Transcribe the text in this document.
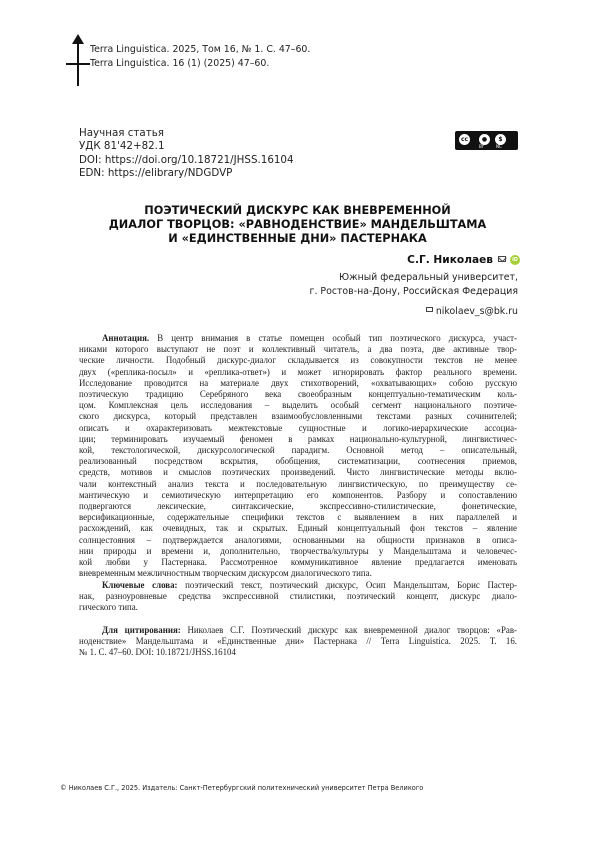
Terra Linguistica. 2025, Том 16, № 1. С. 47–60.
Terra Linguistica. 16 (1) (2025) 47–60.
Научная статья
УДК 81'42+82.1
DOI: https://doi.org/10.18721/JHSS.16104
EDN: https://elibrary/NDGDVP
cc	●	$
BY	NC
ПОЭТИЧЕСКИЙ ДИСКУРС КАК ВНЕВРЕМЕННОЙ
ДИАЛОГ ТВОРЦОВ: «РАВНОДЕНСТВИЕ» МАНДЕЛЬШТАМА
И «ЕДИНСТВЕННЫЕ ДНИ» ПАСТЕРНАКА
С.Г. Николаев	iD
Южный федеральный университет,
г. Ростов-на-Дону, Российская Федерация
nikolaev_s@bk.ru
Аннотация. В центр внимания в статье помещен особый тип поэтического дискурса, участ-
никами которого выступают не поэт и коллективный читатель, а два поэта, две активные твор-
ческие личности. Подобный дискурс-диалог складывается из совокупности текстов не менее
двух («реплика-посыл» и «реплика-ответ») и может игнорировать фактор реального времени.
Исследование проводится на материале двух стихотворений, «охватывающих» собою русскую
поэтическую традицию Серебряного века своеобразным концептуально-тематическим коль-
цом. Комплексная цель исследования – выделить особый сегмент национального поэтиче-
ского дискурса, который представлен взаимообусловленными текстами разных сочинителей;
описать и охарактеризовать межтекстовые сущностные и логико-иерархические ассоциа-
ции; терминировать изучаемый феномен в рамках национально-культурной, лингвистичес-
кой, текстологической, дискурсологической парадигм. Основной метод – описательный,
реализованный посредством вскрытия, обобщения, систематизации, соотнесения приемов,
средств, мотивов и смыслов поэтических произведений. Чисто лингвистические методы вклю-
чали контекстный анализ текста и последовательную лингвистическую, по преимуществу се-
мантическую и семиотическую интерпретацию его компонентов. Разбору и сопоставлению
подвергаются лексические, синтаксические, экспрессивно-стилистические, фонетические,
версификационные, содержательные специфики текстов с выявлением в них параллелей и
расхождений, как очевидных, так и скрытых. Единый концептуальный фон текстов – явление
солнцестояния – подтверждается аналогиями, основанными на общности признаков в описа-
нии природы и времени и, дополнительно, творчества/культуры у Мандельштама и человечес-
кой любви у Пастернака. Рассмотренное коммуникативное явление предлагается именовать
вневременным межличностным творческим дискурсом диалогического типа.
Ключевые слова: поэтический текст, поэтический дискурс, Осип Мандельштам, Борис Пастер-
нак, разноуровневые средства экспрессивной стилистики, поэтический концепт, дискурс диало-
гического типа.
Для цитирования: Николаев С.Г. Поэтический дискурс как вневременной диалог творцов: «Рав-
ноденствие» Мандельштама и «Единственные дни» Пастернака // Terra Linguistica. 2025. Т. 16.
№ 1. С. 47–60. DOI: 10.18721/JHSS.16104
© Николаев С.Г., 2025. Издатель: Санкт-Петербургский политехнический университет Петра Великого
